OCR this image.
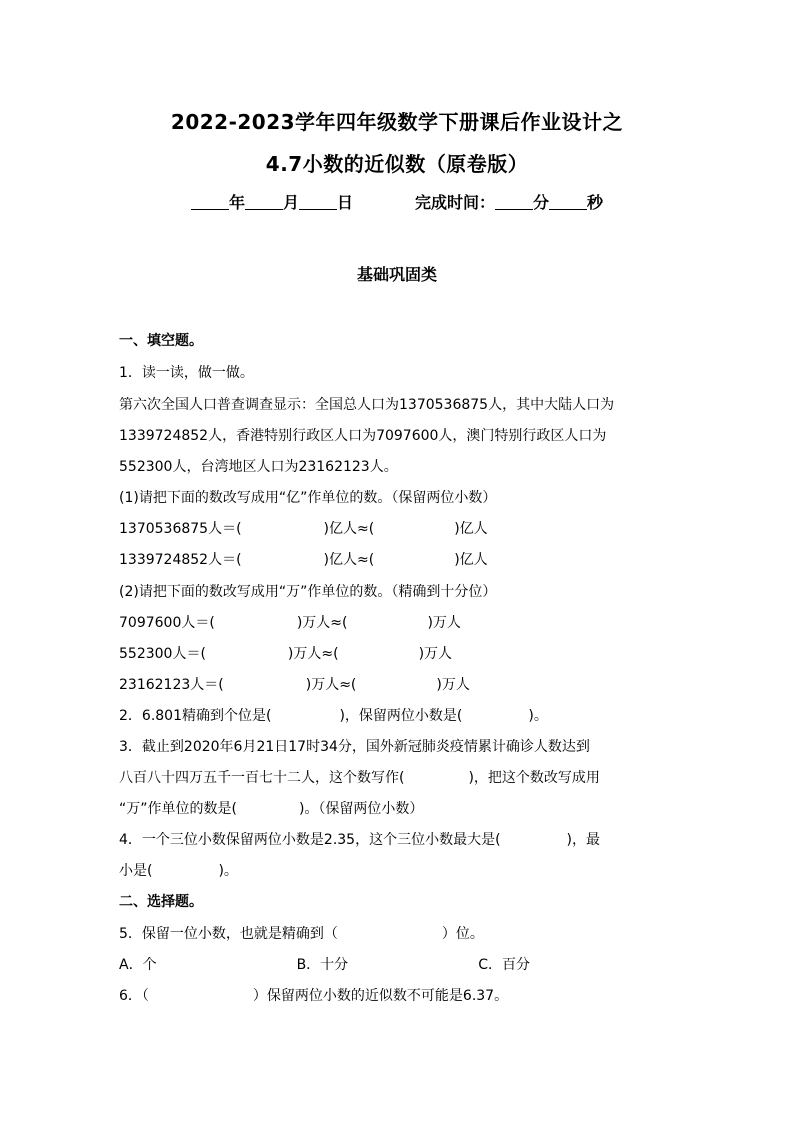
2022-2023学年四年级数学下册课后作业设计之
4.7小数的近似数（原卷版）
年 月 日	完成时间： 分 秒
基础巩固类
一、填空题。
1．读一读，做一做。
第六次全国人口普查调查显示：全国总人口为1370536875人，其中大陆人口为
1339724852人，香港特别行政区人口为7097600人，澳门特别行政区人口为
552300人，台湾地区人口为23162123人。
(1)请把下面的数改写成用“亿”作单位的数。（保留两位小数）
1370536875人＝(	)亿人≈(	)亿人
1339724852人＝(	)亿人≈(	)亿人
(2)请把下面的数改写成用“万”作单位的数。（精确到十分位）
7097600人＝(	)万人≈(	)万人
552300人＝(	)万人≈(	)万人
23162123人＝(	)万人≈(	)万人
2．6.801精确到个位是(	)，保留两位小数是(	)。
3．截止到2020年6月21日17时34分，国外新冠肺炎疫情累计确诊人数达到
八百八十四万五千一百七十二人，这个数写作(	)，把这个数改写成用
“万”作单位的数是(	)。（保留两位小数）
4．一个三位小数保留两位小数是2.35，这个三位小数最大是(	)，最
小是(	)。
二、选择题。
5．保留一位小数，也就是精确到（	）位。
A．个	B．十分	C．百分
6．（	）保留两位小数的近似数不可能是6.37。
